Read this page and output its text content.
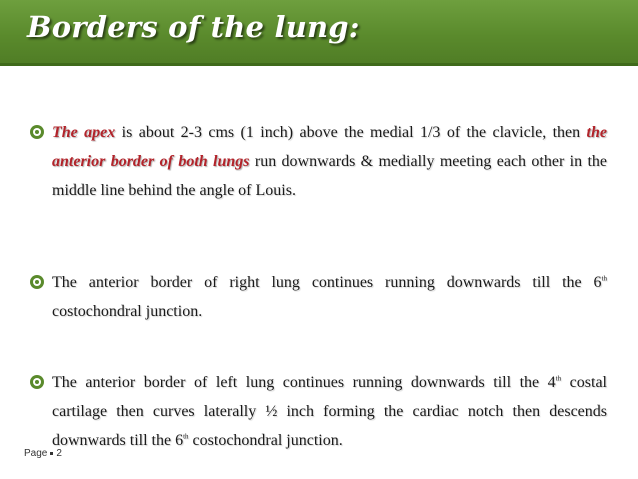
Borders of the lung:
The apex is about 2-3 cms (1 inch) above the medial 1/3 of the clavicle, then the anterior border of both lungs run downwards & medially meeting each other in the middle line behind the angle of Louis.
The anterior border of right lung continues running downwards till the 6th costochondral junction.
The anterior border of left lung continues running downwards till the 4th costal cartilage then curves laterally ½ inch forming the cardiac notch then descends downwards till the 6th costochondral junction.
Page 2
